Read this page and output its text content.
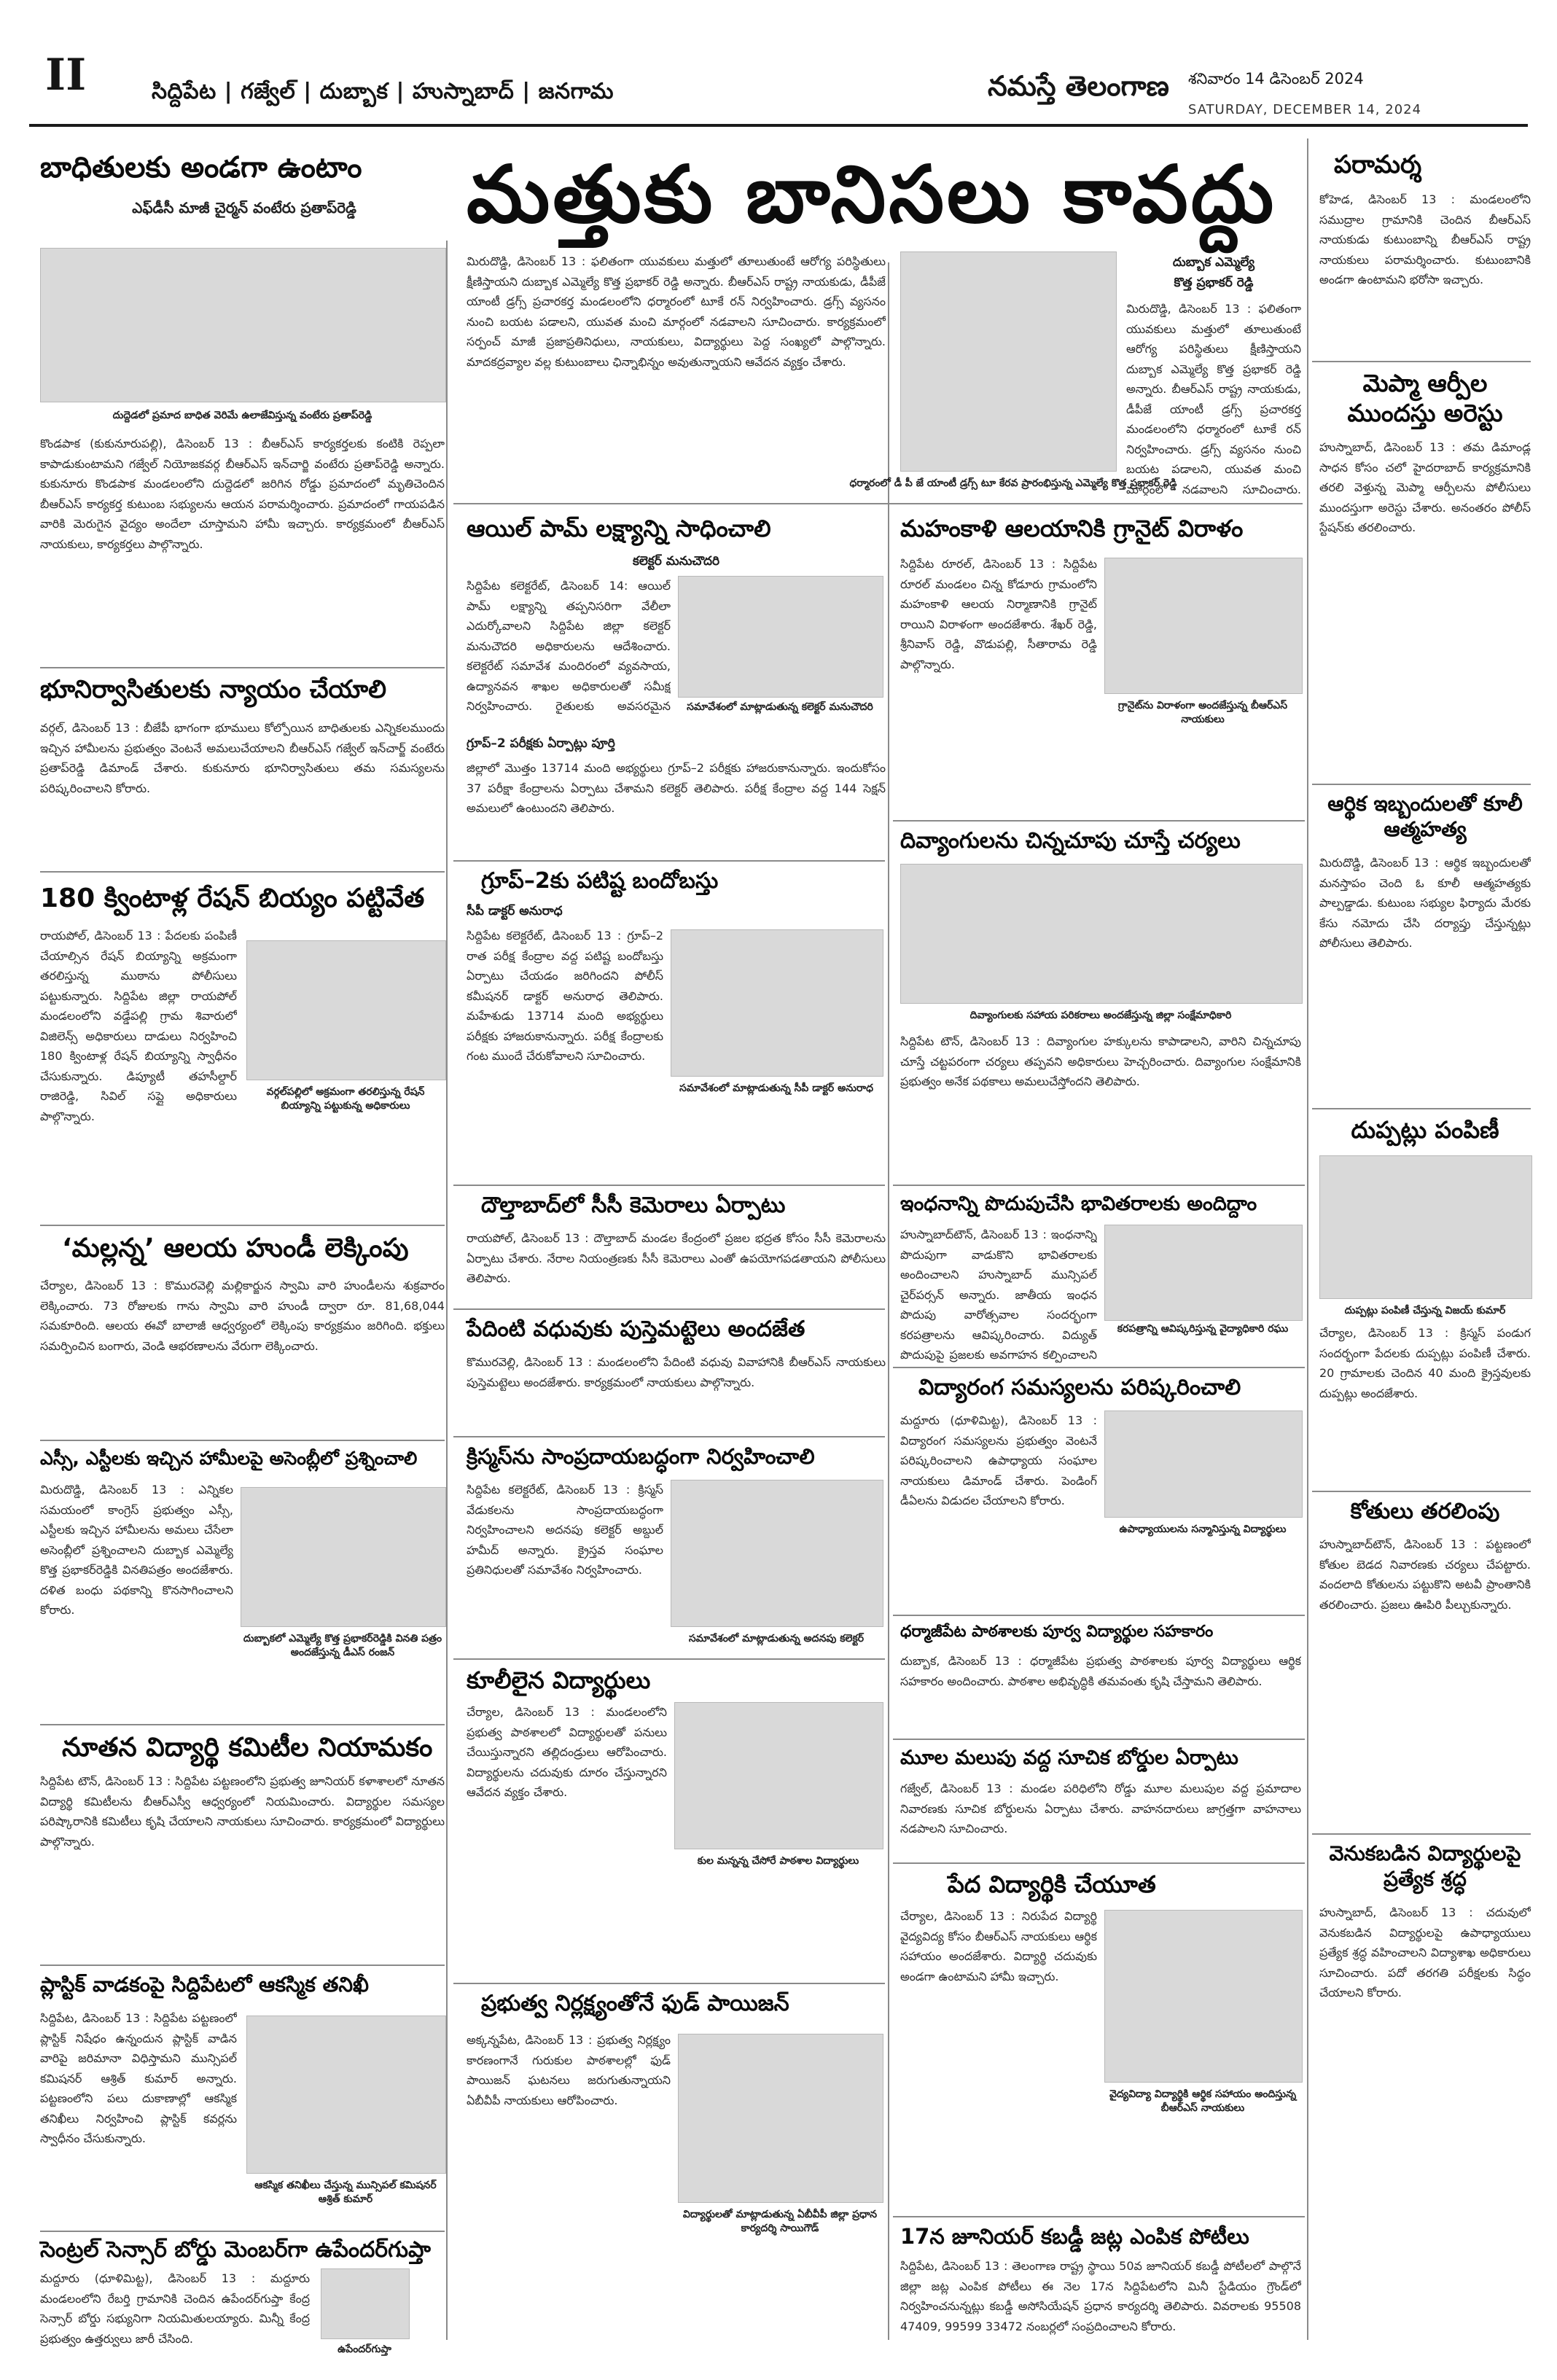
II	సిద్దిపేట | గజ్వేల్ | దుబ్బాక | హుస్నాబాద్ | జనగామ	నమస్తే తెలంగాణ శనివారం 14 డిసెంబర్ 2024
SATURDAY, DECEMBER 14, 2024
బాధితులకు అండగా ఉంటాం
ఎఫ్‌డీసీ మాజీ చైర్మన్ వంటేరు ప్రతాప్‌రెడ్డి
దుద్దెడలో ప్రమాద బాధిత వెరిమే ఉలాజేవిస్తున్న వంటేరు ప్రతాప్‌రెడ్డి

కొండపాక (కుకునూరుపల్లి), డిసెంబర్ 13 : బీఆర్‌ఎస్ కార్యకర్తలకు కంటికి రెప్పలా కాపాడుకుంటామని గజ్వేల్ నియోజకవర్గ బీఆర్‌ఎస్ ఇన్‌చార్జి వంటేరు ప్రతాప్‌రెడ్డి అన్నారు. కుకునూరు కొండపాక మండలంలోని దుద్దెడలో జరిగిన రోడ్డు ప్రమాదంలో మృతిచెందిన బీఆర్‌ఎస్ కార్యకర్త కుటుంబ సభ్యులను ఆయన పరామర్శించారు. ప్రమాదంలో గాయపడిన వారికి మెరుగైన వైద్యం అందేలా చూస్తామని హామీ ఇచ్చారు. కార్యక్రమంలో బీఆర్‌ఎస్ నాయకులు, కార్యకర్తలు పాల్గొన్నారు.

భూనిర్వాసితులకు న్యాయం చేయాలి

వర్గల్, డిసెంబర్ 13 : బీజేపీ భాగంగా భూములు కోల్పోయిన బాధితులకు ఎన్నికలముందు ఇచ్చిన హామీలను ప్రభుత్వం వెంటనే అమలుచేయాలని బీఆర్‌ఎస్ గజ్వేల్ ఇన్‌చార్జ్ వంటేరు ప్రతాప్‌రెడ్డి డిమాండ్ చేశారు. కుకునూరు భూనిర్వాసితులు తమ సమస్యలను పరిష్కరించాలని కోరారు.

180 క్వింటాళ్ల రేషన్ బియ్యం పట్టివేత

రాయపోల్, డిసెంబర్ 13 : పేదలకు పంపిణీ చేయాల్సిన రేషన్ బియ్యాన్ని అక్రమంగా తరలిస్తున్న ముఠాను పోలీసులు పట్టుకున్నారు. సిద్దిపేట జిల్లా రాయపోల్ మండలంలోని వడ్డేపల్లి గ్రామ శివారులో విజిలెన్స్ అధికారులు దాడులు నిర్వహించి 180 క్వింటాళ్ల రేషన్ బియ్యాన్ని స్వాధీనం చేసుకున్నారు. డిప్యూటీ తహసీల్దార్ రాజిరెడ్డి, సివిల్ సప్లై అధికారులు పాల్గొన్నారు.

వర్గల్‌పల్లిలో అక్రమంగా తరలిస్తున్న రేషన్ బియ్యాన్ని పట్టుకున్న అధికారులు
‘మల్లన్న’ ఆలయ హుండీ లెక్కింపు

చేర్యాల, డిసెంబర్ 13 : కొమురవెల్లి మల్లికార్జున స్వామి వారి హుండీలను శుక్రవారం లెక్కించారు. 73 రోజులకు గాను స్వామి వారి హుండీ ద్వారా రూ. 81,68,044 సమకూరింది. ఆలయ ఈవో బాలాజీ ఆధ్వర్యంలో లెక్కింపు కార్యక్రమం జరిగింది. భక్తులు సమర్పించిన బంగారు, వెండి ఆభరణాలను వేరుగా లెక్కించారు.

ఎస్సీ, ఎస్టీలకు ఇచ్చిన హామీలపై అసెంబ్లీలో ప్రశ్నించాలి

మిరుదొడ్డి, డిసెంబర్ 13 : ఎన్నికల సమయంలో కాంగ్రెస్ ప్రభుత్వం ఎస్సీ, ఎస్టీలకు ఇచ్చిన హామీలను అమలు చేసేలా అసెంబ్లీలో ప్రశ్నించాలని దుబ్బాక ఎమ్మెల్యే కొత్త ప్రభాకర్‌రెడ్డికి వినతిపత్రం అందజేశారు. దళిత బంధు పథకాన్ని కొనసాగించాలని కోరారు.

దుబ్బాకలో ఎమ్మెల్యే కొత్త ప్రభాకర్‌రెడ్డికి వినతి పత్రం అందజేస్తున్న డీఎస్ రంజన్
నూతన విద్యార్థి కమిటీల నియామకం

సిద్దిపేట టౌన్, డిసెంబర్ 13 : సిద్దిపేట పట్టణంలోని ప్రభుత్వ జూనియర్ కళాశాలలో నూతన విద్యార్థి కమిటీలను బీఆర్‌ఎస్వీ ఆధ్వర్యంలో నియమించారు. విద్యార్థుల సమస్యల పరిష్కారానికి కమిటీలు కృషి చేయాలని నాయకులు సూచించారు. కార్యక్రమంలో విద్యార్థులు పాల్గొన్నారు.

ప్లాస్టిక్ వాడకంపై సిద్దిపేటలో ఆకస్మిక తనిఖీ

సిద్దిపేట, డిసెంబర్ 13 : సిద్దిపేట పట్టణంలో ప్లాస్టిక్ నిషేధం ఉన్నందున ప్లాస్టిక్ వాడిన వారిపై జరిమానా విధిస్తామని మున్సిపల్ కమిషనర్ ఆశ్రిత్ కుమార్ అన్నారు. పట్టణంలోని పలు దుకాణాల్లో ఆకస్మిక తనిఖీలు నిర్వహించి ప్లాస్టిక్ కవర్లను స్వాధీనం చేసుకున్నారు.

ఆకస్మిక తనిఖీలు చేస్తున్న మున్సిపల్ కమిషనర్ ఆశ్రిత్ కుమార్
సెంట్రల్ సెన్సార్ బోర్డు మెంబర్‌గా ఉపేందర్‌గుప్తా

మద్దూరు (ధూళిమిట్ట), డిసెంబర్ 13 : మద్దూరు మండలంలోని రేబర్తి గ్రామానికి చెందిన ఉపేందర్‌గుప్తా కేంద్ర సెన్సార్ బోర్డు సభ్యునిగా నియమితులయ్యారు. మిన్నీ కేంద్ర ప్రభుత్వం ఉత్తర్వులు జారీ చేసింది.

ఉపేందర్‌గుప్తా
మత్తుకు బానిసలు కావద్దు

మిరుదొడ్డి, డిసెంబర్ 13 : ఫలితంగా యువకులు మత్తులో తూలుతుంటే ఆరోగ్య పరిస్థితులు క్షీణిస్తాయని దుబ్బాక ఎమ్మెల్యే కొత్త ప్రభాకర్ రెడ్డి అన్నారు. బీఆర్‌ఎస్ రాష్ట్ర నాయకుడు, డీపీజే యాంటీ డ్రగ్స్ ప్రచారకర్త మండలంలోని ధర్మారంలో టూకే రన్ నిర్వహించారు. డ్రగ్స్ వ్యసనం నుంచి బయట పడాలని, యువత మంచి మార్గంలో నడవాలని సూచించారు. కార్యక్రమంలో సర్పంచ్ మాజీ ప్రజాప్రతినిధులు, నాయకులు, విద్యార్థులు పెద్ద సంఖ్యలో పాల్గొన్నారు. మాదకద్రవ్యాల వల్ల కుటుంబాలు ఛిన్నాభిన్నం అవుతున్నాయని ఆవేదన వ్యక్తం చేశారు.

దుబ్బాక ఎమ్మెల్యే
కొత్త ప్రభాకర్ రెడ్డి

మిరుదొడ్డి, డిసెంబర్ 13 : ఫలితంగా యువకులు మత్తులో తూలుతుంటే ఆరోగ్య పరిస్థితులు క్షీణిస్తాయని దుబ్బాక ఎమ్మెల్యే కొత్త ప్రభాకర్ రెడ్డి అన్నారు. బీఆర్‌ఎస్ రాష్ట్ర నాయకుడు, డీపీజే యాంటీ డ్రగ్స్ ప్రచారకర్త మండలంలోని ధర్మారంలో టూకే రన్ నిర్వహించారు. డ్రగ్స్ వ్యసనం నుంచి బయట పడాలని, యువత మంచి మార్గంలో నడవాలని సూచించారు.

ధర్మారంలో డీ పీ జే యాంటీ డ్రగ్స్ టూ కేరవ ప్రారంభిస్తున్న ఎమ్మెల్యే కొత్త ప్రభాకర్ రెడ్డి
ఆయిల్ పామ్ లక్ష్యాన్ని సాధించాలి
కలెక్టర్ మనుచౌదరి

సిద్దిపేట కలెక్టరేట్, డిసెంబర్ 14: ఆయిల్ పామ్ లక్ష్యాన్ని తప్పనిసరిగా వేలీలా ఎదుర్కోవాలని సిద్దిపేట జిల్లా కలెక్టర్ మనుచౌదరి అధికారులను ఆదేశించారు. కలెక్టరేట్ సమావేశ మందిరంలో వ్యవసాయ, ఉద్యానవన శాఖల అధికారులతో సమీక్ష నిర్వహించారు. రైతులకు అవసరమైన	సమావేశంలో మాట్లాడుతున్న కలెక్టర్ మనుచౌదరి
గ్రూప్–2 పరీక్షకు ఏర్పాట్లు పూర్తి

జిల్లాలో మొత్తం 13714 మంది అభ్యర్థులు గ్రూప్–2 పరీక్షకు హాజరుకానున్నారు. ఇందుకోసం 37 పరీక్షా కేంద్రాలను ఏర్పాటు చేశామని కలెక్టర్ తెలిపారు. పరీక్ష కేంద్రాల వద్ద 144 సెక్షన్ అమలులో ఉంటుందని తెలిపారు.

గ్రూప్–2కు పటిష్ట బందోబస్తు
సీపీ డాక్టర్ అనురాధ

సిద్దిపేట కలెక్టరేట్, డిసెంబర్ 13 : గ్రూప్–2 రాత పరీక్ష కేంద్రాల వద్ద పటిష్ట బందోబస్తు ఏర్పాటు చేయడం జరిగిందని పోలీస్ కమీషనర్ డాక్టర్ అనురాధ తెలిపారు. మహేశుడు 13714 మంది అభ్యర్థులు పరీక్షకు హాజరుకానున్నారు. పరీక్ష కేంద్రాలకు గంట ముందే చేరుకోవాలని సూచించారు.

సమావేశంలో మాట్లాడుతున్న సీపీ డాక్టర్ అనురాధ
దౌల్తాబాద్‌లో సీసీ కెమెరాలు ఏర్పాటు

రాయపోల్, డిసెంబర్ 13 : దౌల్తాబాద్ మండల కేంద్రంలో ప్రజల భద్రత కోసం సీసీ కెమెరాలను ఏర్పాటు చేశారు. నేరాల నియంత్రణకు సీసీ కెమెరాలు ఎంతో ఉపయోగపడతాయని పోలీసులు తెలిపారు.

పేదింటి వధువుకు పుస్తెమట్టెలు అందజేత

కొమురవెల్లి, డిసెంబర్ 13 : మండలంలోని పేదింటి వధువు వివాహానికి బీఆర్‌ఎస్ నాయకులు పుస్తెమట్టెలు అందజేశారు. కార్యక్రమంలో నాయకులు పాల్గొన్నారు.

క్రిస్మస్‌ను సాంప్రదాయబద్ధంగా నిర్వహించాలి

సిద్దిపేట కలెక్టరేట్, డిసెంబర్ 13 : క్రిస్మస్ వేడుకలను సాంప్రదాయబద్ధంగా నిర్వహించాలని అదనపు కలెక్టర్ అబ్దుల్ హమీద్ అన్నారు. క్రైస్తవ సంఘాల ప్రతినిధులతో సమావేశం నిర్వహించారు.

సమావేశంలో మాట్లాడుతున్న అదనపు కలెక్టర్
కూలీలైన విద్యార్థులు

చేర్యాల, డిసెంబర్ 13 : మండలంలోని ప్రభుత్వ పాఠశాలలో విద్యార్థులతో పనులు చేయిస్తున్నారని తల్లిదండ్రులు ఆరోపించారు. విద్యార్థులను చదువుకు దూరం చేస్తున్నారని ఆవేదన వ్యక్తం చేశారు.

కుల మన్నన్న చేసోరే పాఠశాల విద్యార్థులు
ప్రభుత్వ నిర్లక్ష్యంతోనే ఫుడ్ పాయిజన్

అక్కన్నపేట, డిసెంబర్ 13 : ప్రభుత్వ నిర్లక్ష్యం కారణంగానే గురుకుల పాఠశాలల్లో ఫుడ్ పాయిజన్ ఘటనలు జరుగుతున్నాయని ఏబీవీపీ నాయకులు ఆరోపించారు.

విద్యార్థులతో మాట్లాడుతున్న ఏబీవీపీ జిల్లా ప్రధాన కార్యదర్శి సాయిగౌడ్
మహంకాళి ఆలయానికి గ్రానైట్ విరాళం

సిద్దిపేట రూరల్, డిసెంబర్ 13 : సిద్దిపేట రూరల్ మండలం చిన్న కోడూరు గ్రామంలోని మహంకాళి ఆలయ నిర్మాణానికి గ్రానైట్ రాయిని విరాళంగా అందజేశారు. శేఖర్ రెడ్డి, శ్రీనివాస్ రెడ్డి, వొడుపల్లి, సీతారామ రెడ్డి పాల్గొన్నారు.

గ్రానైట్‌ను విరాళంగా అందజేస్తున్న బీఆర్‌ఎస్ నాయకులు
దివ్యాంగులను చిన్నచూపు చూస్తే చర్యలు
దివ్యాంగులకు సహాయ పరికరాలు అందజేస్తున్న జిల్లా సంక్షేమాధికారి

సిద్దిపేట టౌన్, డిసెంబర్ 13 : దివ్యాంగుల హక్కులను కాపాడాలని, వారిని చిన్నచూపు చూస్తే చట్టపరంగా చర్యలు తప్పవని అధికారులు హెచ్చరించారు. దివ్యాంగుల సంక్షేమానికి ప్రభుత్వం అనేక పథకాలు అమలుచేస్తోందని తెలిపారు.

ఇంధనాన్ని పొదుపుచేసి భావితరాలకు అందిద్దాం

హుస్నాబాద్‌టౌన్, డిసెంబర్ 13 : ఇంధనాన్ని పొదుపుగా వాడుకొని భావితరాలకు అందించాలని హుస్నాబాద్ మున్సిపల్ చైర్‌పర్సన్ అన్నారు. జాతీయ ఇంధన పొదుపు వారోత్సవాల సందర్భంగా కరపత్రాలను ఆవిష్కరించారు. విద్యుత్ పొదుపుపై ప్రజలకు అవగాహన కల్పించాలని

కరపత్రాన్ని ఆవిష్కరిస్తున్న వైద్యాధికారి రఘు
విద్యారంగ సమస్యలను పరిష్కరించాలి

మద్దూరు (ధూళిమిట్ట), డిసెంబర్ 13 : విద్యారంగ సమస్యలను ప్రభుత్వం వెంటనే పరిష్కరించాలని ఉపాధ్యాయ సంఘాల నాయకులు డిమాండ్ చేశారు. పెండింగ్ డీఏలను విడుదల చేయాలని కోరారు.

ఉపాధ్యాయులను సన్మానిస్తున్న విద్యార్థులు
ధర్మాజీపేట పాఠశాలకు పూర్వ విద్యార్థుల సహకారం

దుబ్బాక, డిసెంబర్ 13 : ధర్మాజీపేట ప్రభుత్వ పాఠశాలకు పూర్వ విద్యార్థులు ఆర్థిక సహకారం అందించారు. పాఠశాల అభివృద్ధికి తమవంతు కృషి చేస్తామని తెలిపారు.

మూల మలుపు వద్ద సూచిక బోర్డుల ఏర్పాటు

గజ్వేల్, డిసెంబర్ 13 : మండల పరిధిలోని రోడ్డు మూల మలుపుల వద్ద ప్రమాదాల నివారణకు సూచిక బోర్డులను ఏర్పాటు చేశారు. వాహనదారులు జాగ్రత్తగా వాహనాలు నడపాలని సూచించారు.

పేద విద్యార్థికి చేయూత

చేర్యాల, డిసెంబర్ 13 : నిరుపేద విద్యార్థి వైద్యవిద్య కోసం బీఆర్‌ఎస్ నాయకులు ఆర్థిక సహాయం అందజేశారు. విద్యార్థి చదువుకు అండగా ఉంటామని హామీ ఇచ్చారు.

వైద్యవిద్యా విద్యార్థికి ఆర్థిక సహాయం అందిస్తున్న బీఆర్‌ఎస్ నాయకులు
17న జూనియర్ కబడ్డీ జట్ల ఎంపిక పోటీలు

సిద్దిపేట, డిసెంబర్ 13 : తెలంగాణ రాష్ట్ర స్థాయి 50వ జూనియర్ కబడ్డీ పోటీలలో పాల్గొనే జిల్లా జట్ల ఎంపిక పోటీలు ఈ నెల 17న సిద్దిపేటలోని మినీ స్టేడియం గ్రౌండ్‌లో నిర్వహించనున్నట్లు కబడ్డీ అసోసియేషన్ ప్రధాన కార్యదర్శి తెలిపారు. వివరాలకు 95508 47409, 99599 33472 నంబర్లలో సంప్రదించాలని కోరారు.

పరామర్శ

కోహెడ, డిసెంబర్ 13 : మండలంలోని సముద్రాల గ్రామానికి చెందిన బీఆర్‌ఎస్ నాయకుడు కుటుంబాన్ని బీఆర్‌ఎస్ రాష్ట్ర నాయకులు పరామర్శించారు. కుటుంబానికి అండగా ఉంటామని భరోసా ఇచ్చారు.

మెప్మా ఆర్పీల ముందస్తు అరెస్టు

హుస్నాబాద్, డిసెంబర్ 13 : తమ డిమాండ్ల సాధన కోసం చలో హైదరాబాద్ కార్యక్రమానికి తరలి వెళ్తున్న మెప్మా ఆర్పీలను పోలీసులు ముందస్తుగా అరెస్టు చేశారు. అనంతరం పోలీస్ స్టేషన్‌కు తరలించారు.

ఆర్థిక ఇబ్బందులతో కూలీ ఆత్మహత్య

మిరుదొడ్డి, డిసెంబర్ 13 : ఆర్థిక ఇబ్బందులతో మనస్తాపం చెంది ఓ కూలీ ఆత్మహత్యకు పాల్పడ్డాడు. కుటుంబ సభ్యుల ఫిర్యాదు మేరకు కేసు నమోదు చేసి దర్యాప్తు చేస్తున్నట్లు పోలీసులు తెలిపారు.

దుప్పట్లు పంపిణీ
దుప్పట్లు పంపిణీ చేస్తున్న విజయ్ కుమార్

చేర్యాల, డిసెంబర్ 13 : క్రిస్మస్ పండుగ సందర్భంగా పేదలకు దుప్పట్లు పంపిణీ చేశారు. 20 గ్రామాలకు చెందిన 40 మంది క్రైస్తవులకు దుప్పట్లు అందజేశారు.

కోతులు తరలింపు

హుస్నాబాద్‌టౌన్, డిసెంబర్ 13 : పట్టణంలో కోతుల బెడద నివారణకు చర్యలు చేపట్టారు. వందలాది కోతులను పట్టుకొని అటవీ ప్రాంతానికి తరలించారు. ప్రజలు ఊపిరి పీల్చుకున్నారు.

వెనుకబడిన విద్యార్థులపై ప్రత్యేక శ్రద్ధ

హుస్నాబాద్, డిసెంబర్ 13 : చదువులో వెనుకబడిన విద్యార్థులపై ఉపాధ్యాయులు ప్రత్యేక శ్రద్ధ వహించాలని విద్యాశాఖ అధికారులు సూచించారు. పదో తరగతి పరీక్షలకు సిద్ధం చేయాలని కోరారు.
